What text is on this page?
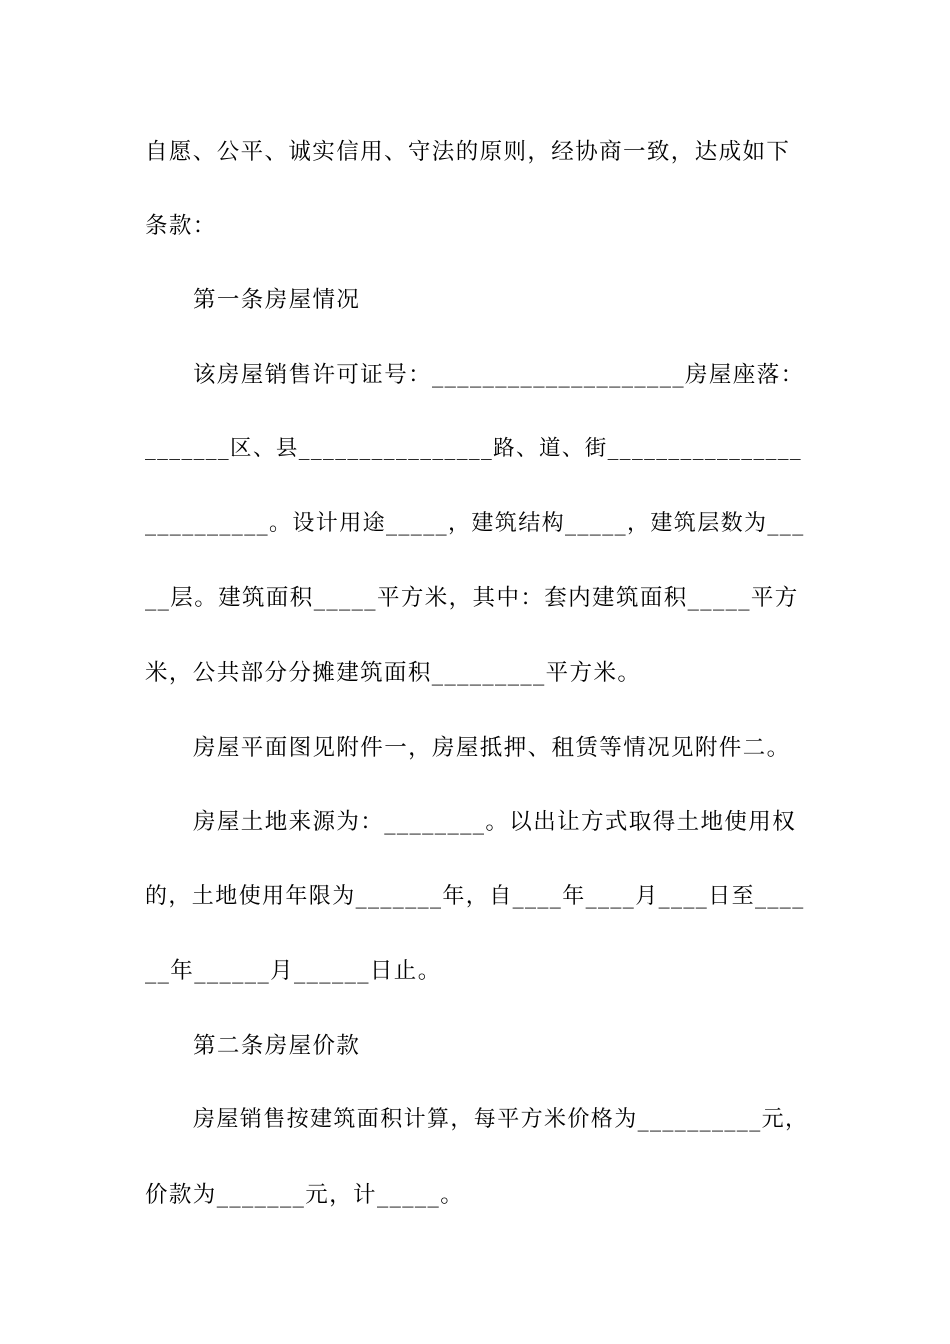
自愿、公平、诚实信用、守法的原则，经协商一致，达成如下
条款：
第一条房屋情况
该房屋销售许可证号：____________________房屋座落：
_______区、县________________路、道、街________________
__________。设计用途_____，建筑结构_____，建筑层数为___
__层。建筑面积_____平方米，其中：套内建筑面积_____平方
米，公共部分分摊建筑面积_________平方米。
房屋平面图见附件一，房屋抵押、租赁等情况见附件二。
房屋土地来源为：________。以出让方式取得土地使用权
的，土地使用年限为_______年，自____年____月____日至____
__年______月______日止。
第二条房屋价款
房屋销售按建筑面积计算，每平方米价格为__________元，
价款为_______元，计_____。
